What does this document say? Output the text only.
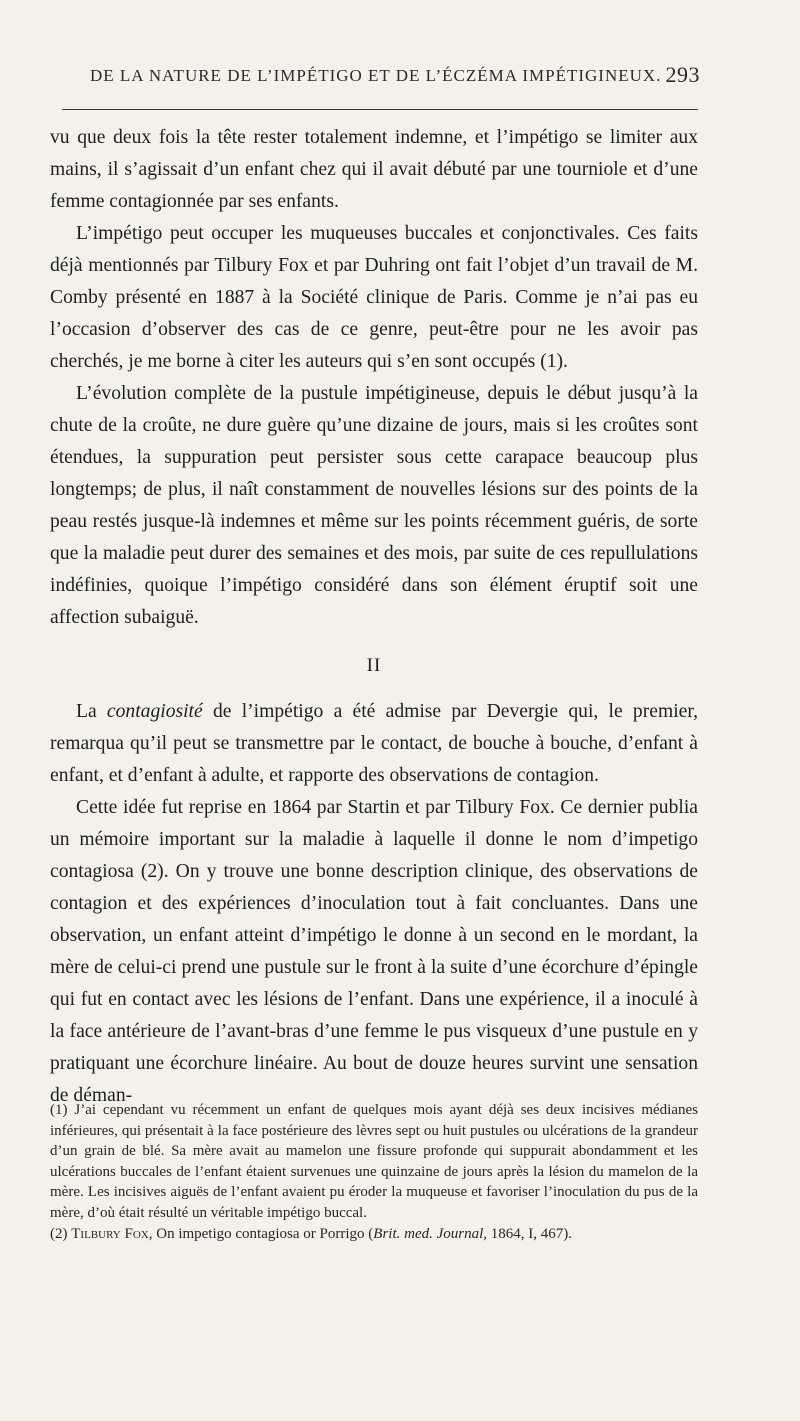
DE LA NATURE DE L’IMPÉTIGO ET DE L’ÉCZÉMA IMPÉTIGINEUX. 293

vu que deux fois la tête rester totalement indemne, et l’impétigo se limiter aux mains, il s’agissait d’un enfant chez qui il avait débuté par une tourniole et d’une femme contagionnée par ses enfants.

L’impétigo peut occuper les muqueuses buccales et conjonctivales. Ces faits déjà mentionnés par Tilbury Fox et par Duhring ont fait l’objet d’un travail de M. Comby présenté en 1887 à la Société clinique de Paris. Comme je n’ai pas eu l’occasion d’observer des cas de ce genre, peut-être pour ne les avoir pas cherchés, je me borne à citer les auteurs qui s’en sont occupés (1).

L’évolution complète de la pustule impétigineuse, depuis le début jusqu’à la chute de la croûte, ne dure guère qu’une dizaine de jours, mais si les croûtes sont étendues, la suppuration peut persister sous cette carapace beaucoup plus longtemps; de plus, il naît constamment de nouvelles lésions sur des points de la peau restés jusque-là indemnes et même sur les points récemment guéris, de sorte que la maladie peut durer des semaines et des mois, par suite de ces repullulations indéfinies, quoique l’impétigo considéré dans son élément éruptif soit une affection subaiguë.

II

La contagiosité de l’impétigo a été admise par Devergie qui, le premier, remarqua qu’il peut se transmettre par le contact, de bouche à bouche, d’enfant à enfant, et d’enfant à adulte, et rapporte des observations de contagion.

Cette idée fut reprise en 1864 par Startin et par Tilbury Fox. Ce dernier publia un mémoire important sur la maladie à laquelle il donne le nom d’impetigo contagiosa (2). On y trouve une bonne description clinique, des observations de contagion et des expériences d’inoculation tout à fait concluantes. Dans une observation, un enfant atteint d’impétigo le donne à un second en le mordant, la mère de celui-ci prend une pustule sur le front à la suite d’une écorchure d’épingle qui fut en contact avec les lésions de l’enfant. Dans une expérience, il a inoculé à la face antérieure de l’avant-bras d’une femme le pus visqueux d’une pustule en y pratiquant une écorchure linéaire. Au bout de douze heures survint une sensation de déman-

(1) J’ai cependant vu récemment un enfant de quelques mois ayant déjà ses deux incisives médianes inférieures, qui présentait à la face postérieure des lèvres sept ou huit pustules ou ulcérations de la grandeur d’un grain de blé. Sa mère avait au mamelon une fissure profonde qui suppurait abondamment et les ulcérations buccales de l’enfant étaient survenues une quinzaine de jours après la lésion du mamelon de la mère. Les incisives aiguës de l’enfant avaient pu éroder la muqueuse et favoriser l’inoculation du pus de la mère, d’où était résulté un véritable impétigo buccal.

(2) Tilbury Fox, On impetigo contagiosa or Porrigo (Brit. med. Journal, 1864, I, 467).
